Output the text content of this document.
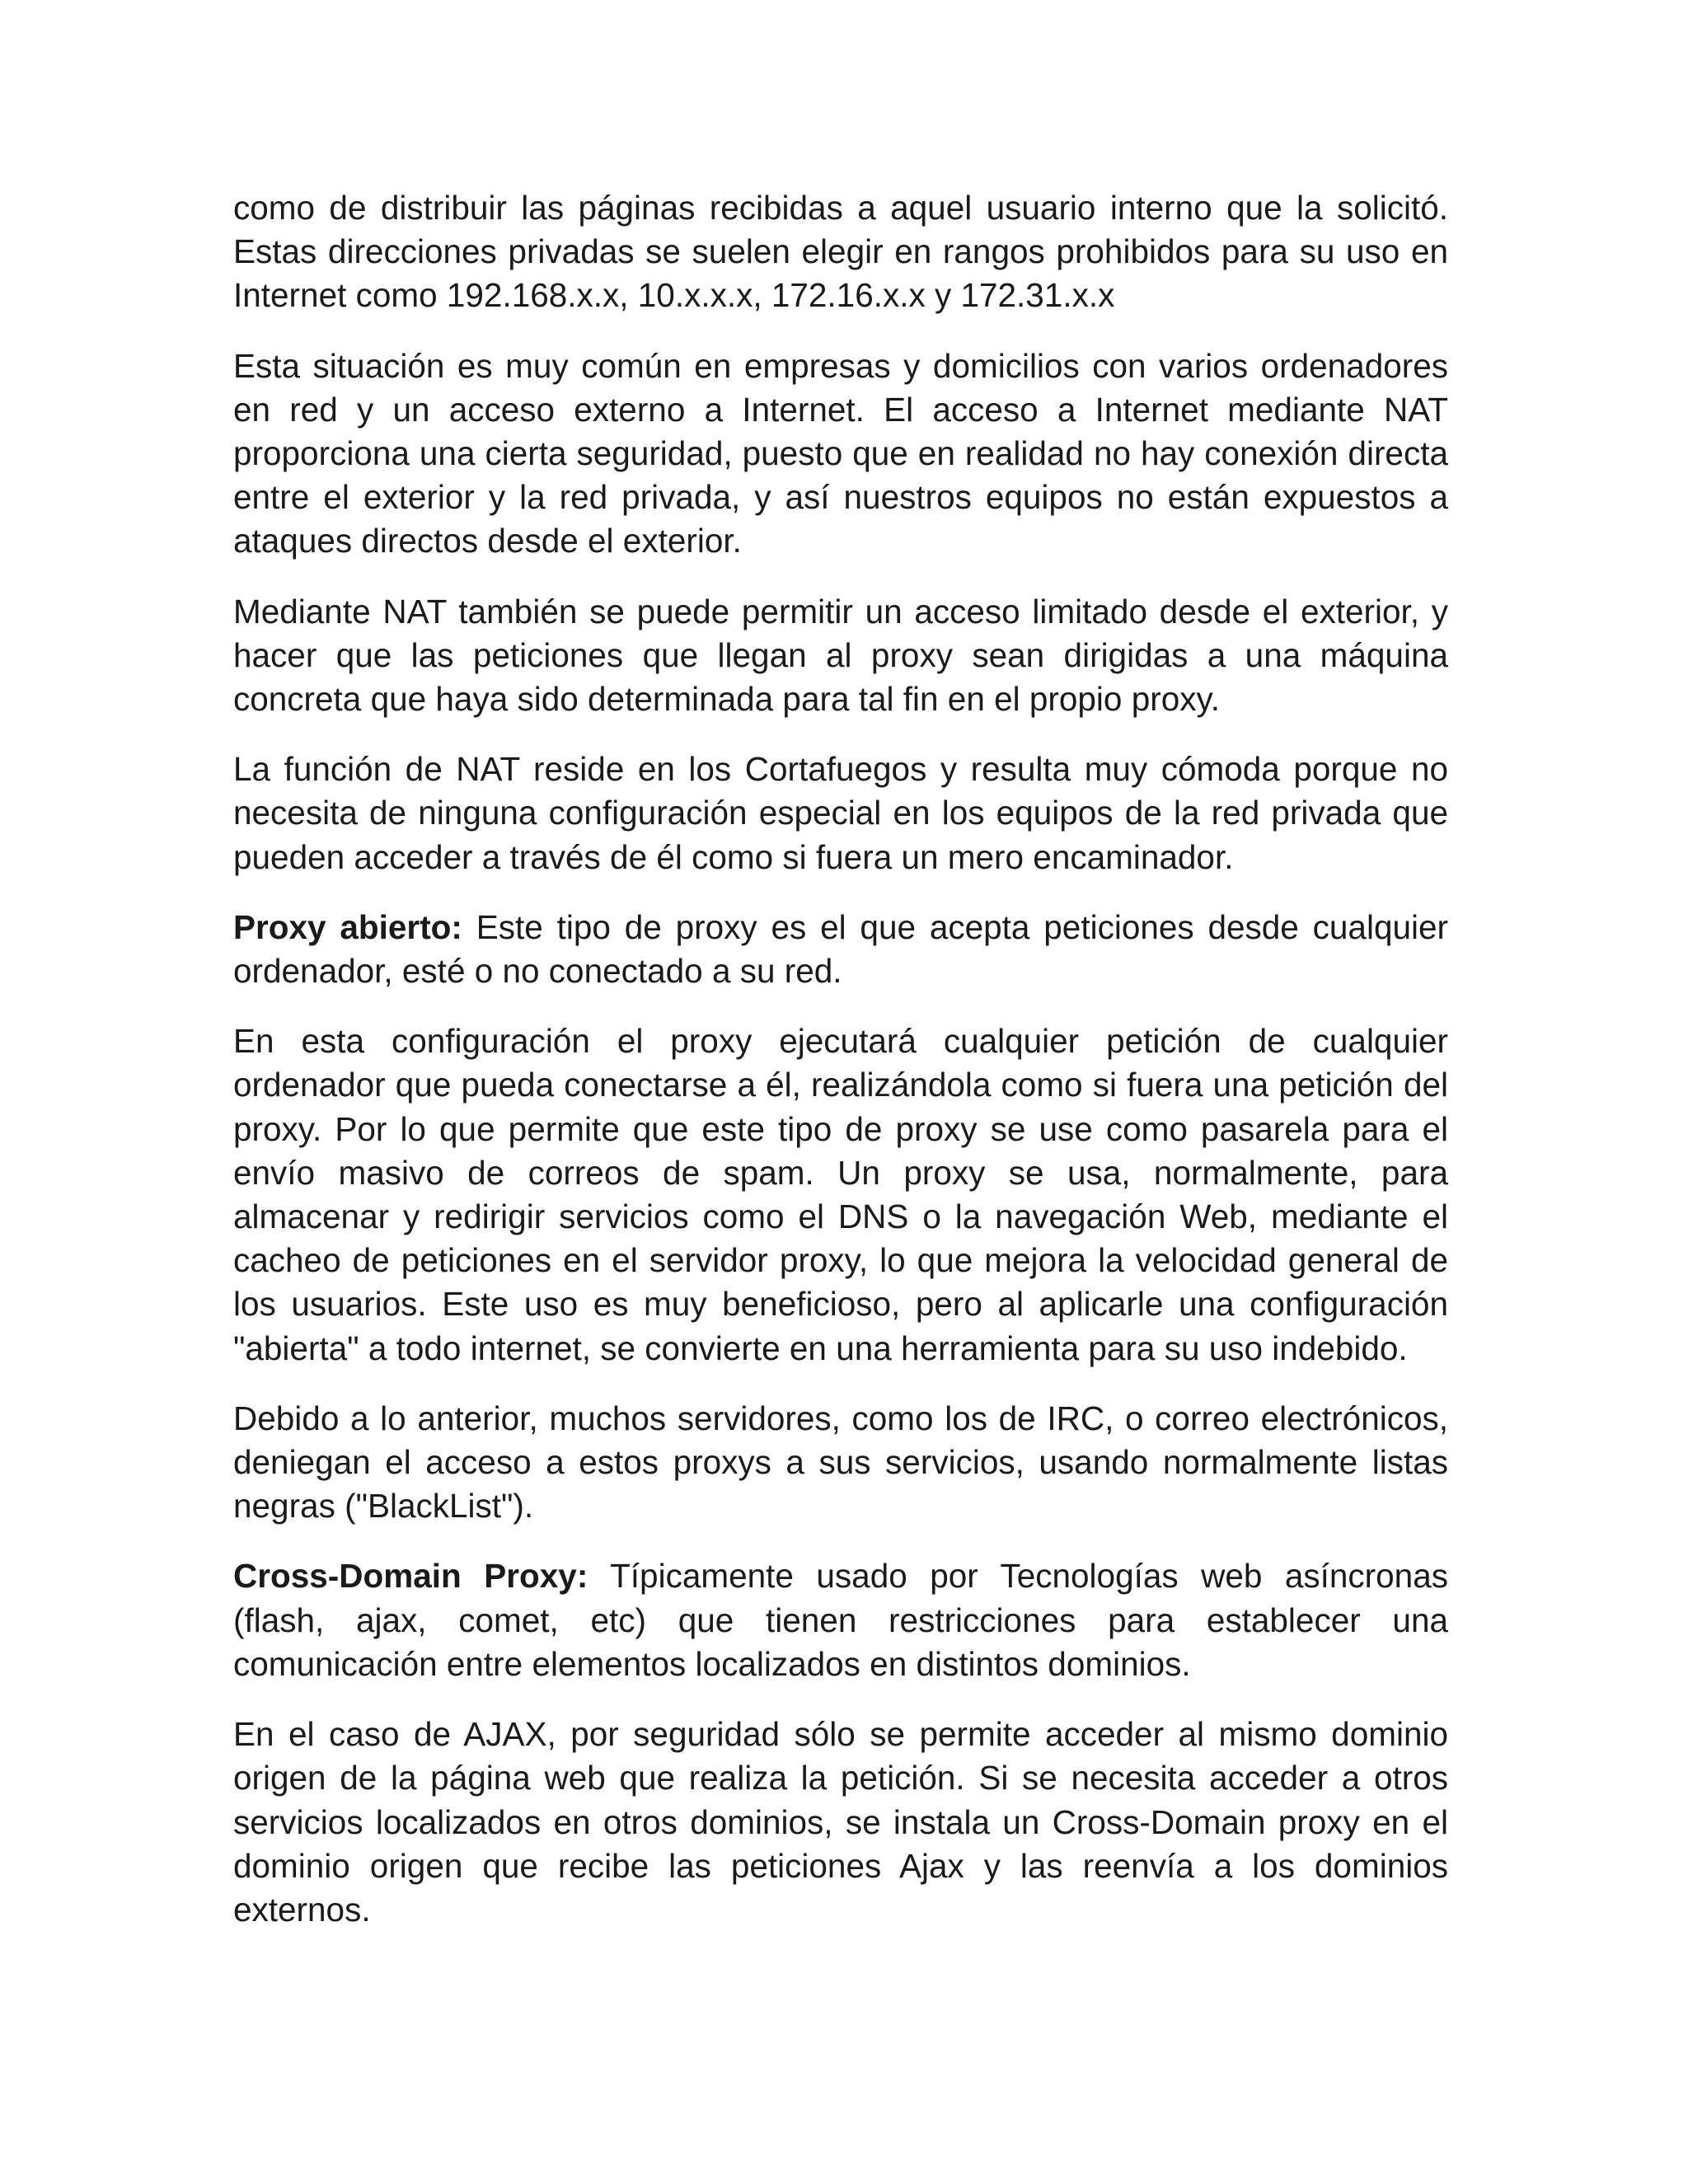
como de distribuir las páginas recibidas a aquel usuario interno que la solicitó. Estas direcciones privadas se suelen elegir en rangos prohibidos para su uso en Internet como 192.168.x.x, 10.x.x.x, 172.16.x.x y 172.31.x.x

Esta situación es muy común en empresas y domicilios con varios ordenadores en red y un acceso externo a Internet. El acceso a Internet mediante NAT proporciona una cierta seguridad, puesto que en realidad no hay conexión directa entre el exterior y la red privada, y así nuestros equipos no están expuestos a ataques directos desde el exterior.

Mediante NAT también se puede permitir un acceso limitado desde el exterior, y hacer que las peticiones que llegan al proxy sean dirigidas a una máquina concreta que haya sido determinada para tal fin en el propio proxy.

La función de NAT reside en los Cortafuegos y resulta muy cómoda porque no necesita de ninguna configuración especial en los equipos de la red privada que pueden acceder a través de él como si fuera un mero encaminador.

Proxy abierto: Este tipo de proxy es el que acepta peticiones desde cualquier ordenador, esté o no conectado a su red.

En esta configuración el proxy ejecutará cualquier petición de cualquier ordenador que pueda conectarse a él, realizándola como si fuera una petición del proxy. Por lo que permite que este tipo de proxy se use como pasarela para el envío masivo de correos de spam. Un proxy se usa, normalmente, para almacenar y redirigir servicios como el DNS o la navegación Web, mediante el cacheo de peticiones en el servidor proxy, lo que mejora la velocidad general de los usuarios. Este uso es muy beneficioso, pero al aplicarle una configuración "abierta" a todo internet, se convierte en una herramienta para su uso indebido.

Debido a lo anterior, muchos servidores, como los de IRC, o correo electrónicos, deniegan el acceso a estos proxys a sus servicios, usando normalmente listas negras ("BlackList").

Cross-Domain Proxy: Típicamente usado por Tecnologías web asíncronas (flash, ajax, comet, etc) que tienen restricciones para establecer una comunicación entre elementos localizados en distintos dominios.

En el caso de AJAX, por seguridad sólo se permite acceder al mismo dominio origen de la página web que realiza la petición. Si se necesita acceder a otros servicios localizados en otros dominios, se instala un Cross-Domain proxy en el dominio origen que recibe las peticiones Ajax y las reenvía a los dominios externos.
